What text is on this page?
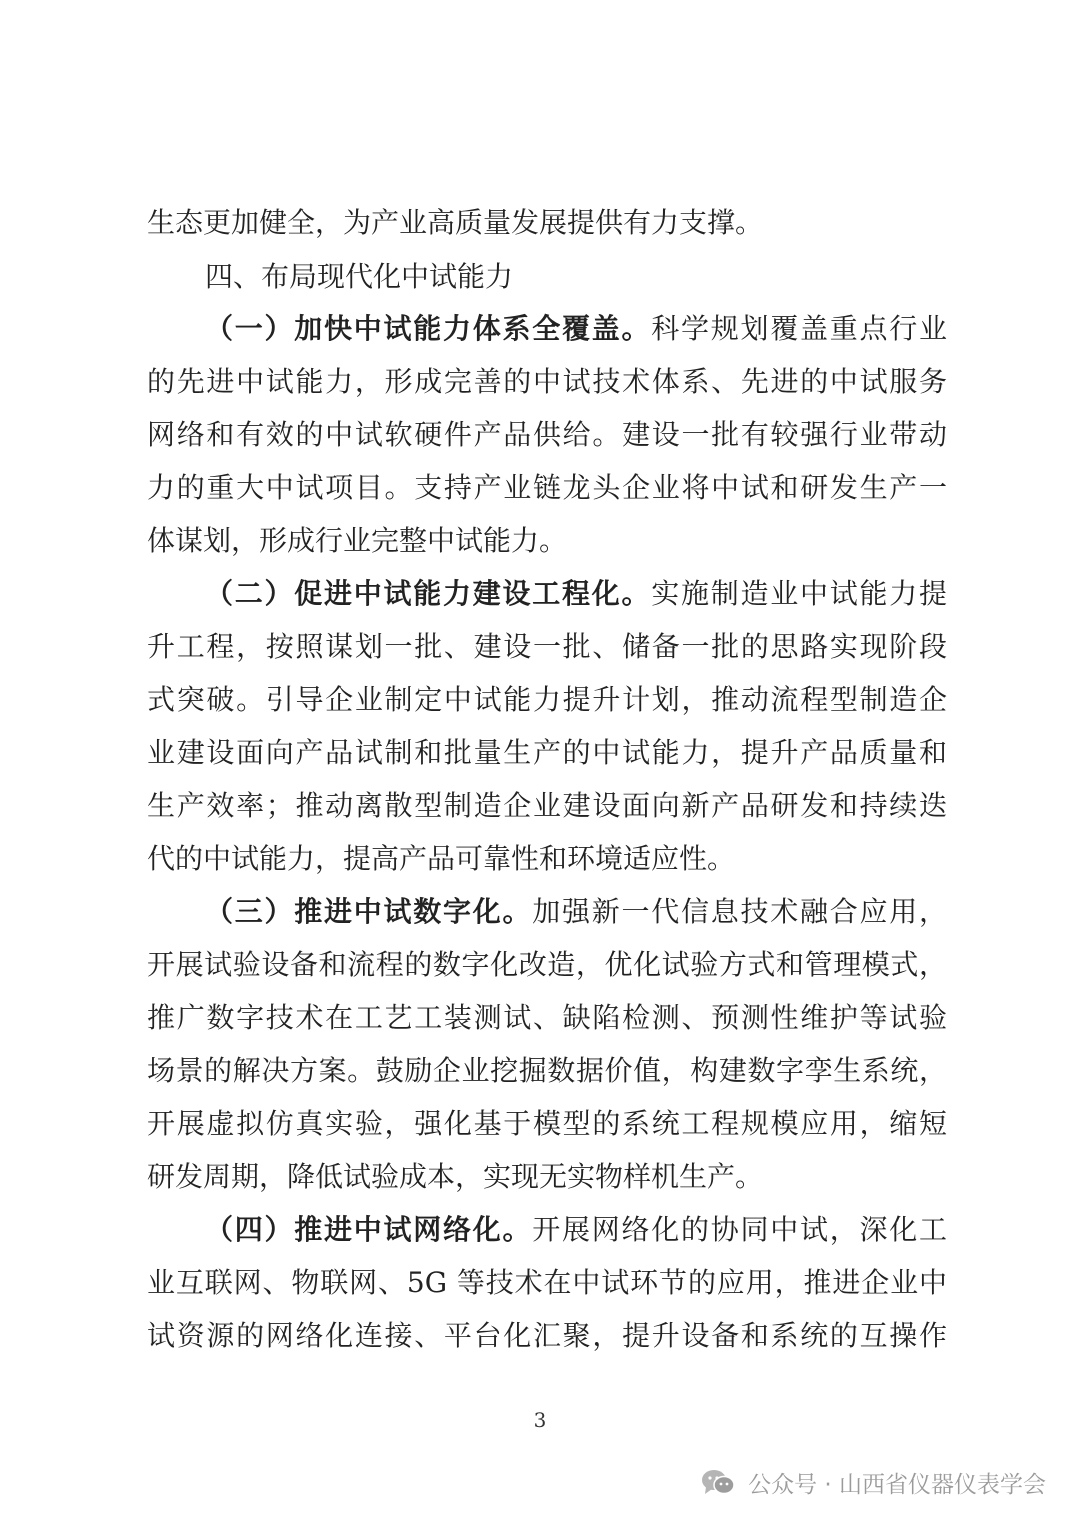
生态更加健全，为产业高质量发展提供有力支撑。

四、布局现代化中试能力

（一）加快中试能力体系全覆盖。科学规划覆盖重点行业

的先进中试能力，形成完善的中试技术体系、先进的中试服务

网络和有效的中试软硬件产品供给。建设一批有较强行业带动

力的重大中试项目。支持产业链龙头企业将中试和研发生产一

体谋划，形成行业完整中试能力。

（二）促进中试能力建设工程化。实施制造业中试能力提

升工程，按照谋划一批、建设一批、储备一批的思路实现阶段

式突破。引导企业制定中试能力提升计划，推动流程型制造企

业建设面向产品试制和批量生产的中试能力，提升产品质量和

生产效率；推动离散型制造企业建设面向新产品研发和持续迭

代的中试能力，提高产品可靠性和环境适应性。

（三）推进中试数字化。加强新一代信息技术融合应用，

开展试验设备和流程的数字化改造，优化试验方式和管理模式，

推广数字技术在工艺工装测试、缺陷检测、预测性维护等试验

场景的解决方案。鼓励企业挖掘数据价值，构建数字孪生系统，

开展虚拟仿真实验，强化基于模型的系统工程规模应用，缩短

研发周期，降低试验成本，实现无实物样机生产。

（四）推进中试网络化。开展网络化的协同中试，深化工

业互联网、物联网、5G 等技术在中试环节的应用，推进企业中

试资源的网络化连接、平台化汇聚，提升设备和系统的互操作

3
公众号 · 山西省仪器仪表学会
